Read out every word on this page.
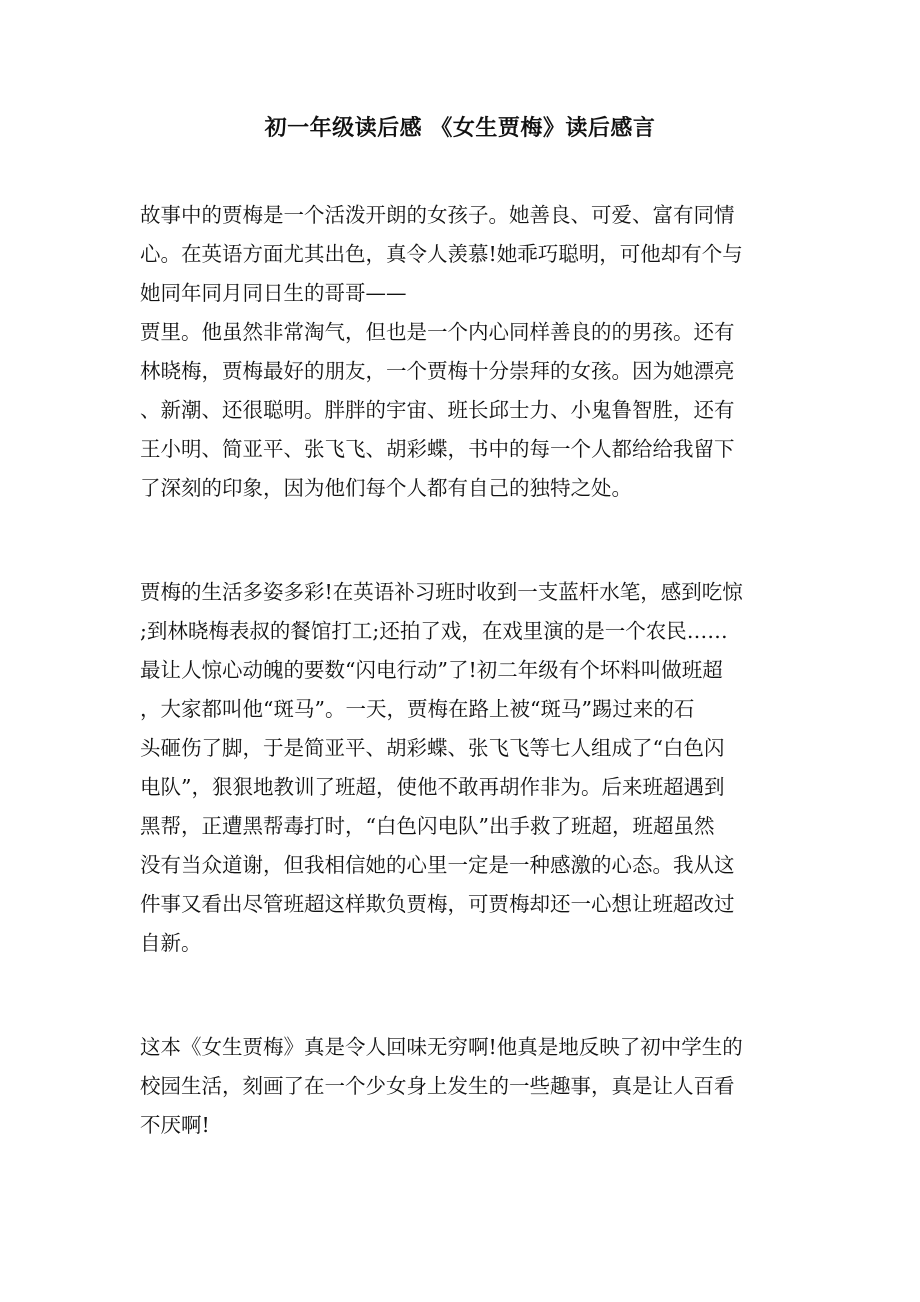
初一年级读后感 《女生贾梅》读后感言
故事中的贾梅是一个活泼开朗的女孩子。她善良、可爱、富有同情
心。在英语方面尤其出色，真令人羡慕!她乖巧聪明，可他却有个与
她同年同月同日生的哥哥——
贾里。他虽然非常淘气，但也是一个内心同样善良的的男孩。还有
林晓梅，贾梅最好的朋友，一个贾梅十分崇拜的女孩。因为她漂亮
、新潮、还很聪明。胖胖的宇宙、班长邱士力、小鬼鲁智胜，还有
王小明、简亚平、张飞飞、胡彩蝶，书中的每一个人都给给我留下
了深刻的印象，因为他们每个人都有自己的独特之处。
贾梅的生活多姿多彩!在英语补习班时收到一支蓝杆水笔，感到吃惊
;到林晓梅表叔的餐馆打工;还拍了戏，在戏里演的是一个农民……
最让人惊心动魄的要数“闪电行动”了!初二年级有个坏料叫做班超
，大家都叫他“斑马”。一天，贾梅在路上被“斑马”踢过来的石
头砸伤了脚，于是简亚平、胡彩蝶、张飞飞等七人组成了“白色闪
电队”，狠狠地教训了班超，使他不敢再胡作非为。后来班超遇到
黑帮，正遭黑帮毒打时，“白色闪电队”出手救了班超，班超虽然
没有当众道谢，但我相信她的心里一定是一种感激的心态。我从这
件事又看出尽管班超这样欺负贾梅，可贾梅却还一心想让班超改过
自新。
这本《女生贾梅》真是令人回味无穷啊!他真是地反映了初中学生的
校园生活，刻画了在一个少女身上发生的一些趣事，真是让人百看
不厌啊!
